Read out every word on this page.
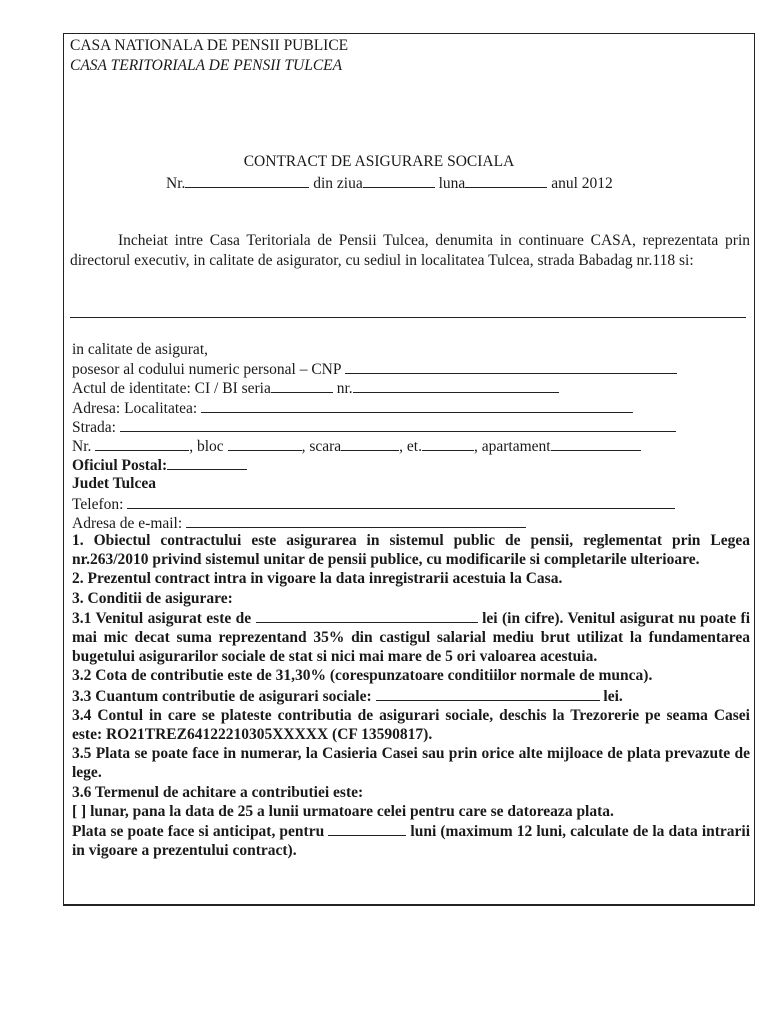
CASA NATIONALA DE PENSII PUBLICE
CASA TERITORIALA DE PENSII TULCEA
CONTRACT DE ASIGURARE SOCIALA
Nr.	din ziua	luna	anul 2012
Incheiat intre Casa Teritoriala de Pensii Tulcea, denumita in continuare CASA, reprezentata prin directorul executiv, in calitate de asigurator, cu sediul in localitatea Tulcea, strada Babadag nr.118 si:
in calitate de asigurat,
posesor al codului numeric personal – CNP
Actul de identitate: CI / BI seria	nr.
Adresa: Localitatea:
Strada:
Nr.	, bloc	, scara	, et.	, apartament
Oficiul Postal:
Judet Tulcea
Telefon:
Adresa de e-mail:

1. Obiectul contractului este asigurarea in sistemul public de pensii, reglementat prin Legea nr.263/2010 privind sistemul unitar de pensii publice, cu modificarile si completarile ulterioare.

2. Prezentul contract intra in vigoare la data inregistrarii acestuia la Casa.

3. Conditii de asigurare:

3.1 Venitul asigurat este de	lei (in cifre). Venitul asigurat nu poate fi mai mic decat suma reprezentand 35% din castigul salarial mediu brut utilizat la fundamentarea bugetului asigurarilor sociale de stat si nici mai mare de 5 ori valoarea acestuia.

3.2 Cota de contributie este de 31,30% (corespunzatoare conditiilor normale de munca).

3.3 Cuantum contributie de asigurari sociale:	lei.

3.4 Contul in care se plateste contributia de asigurari sociale, deschis la Trezorerie pe seama Casei este: RO21TREZ64122210305XXXXX (CF 13590817).

3.5 Plata se poate face in numerar, la Casieria Casei sau prin orice alte mijloace de plata prevazute de lege.

3.6 Termenul de achitare a contributiei este:

[ ] lunar, pana la data de 25 a lunii urmatoare celei pentru care se datoreaza plata.

Plata se poate face si anticipat, pentru	luni (maximum 12 luni, calculate de la data intrarii in vigoare a prezentului contract).
